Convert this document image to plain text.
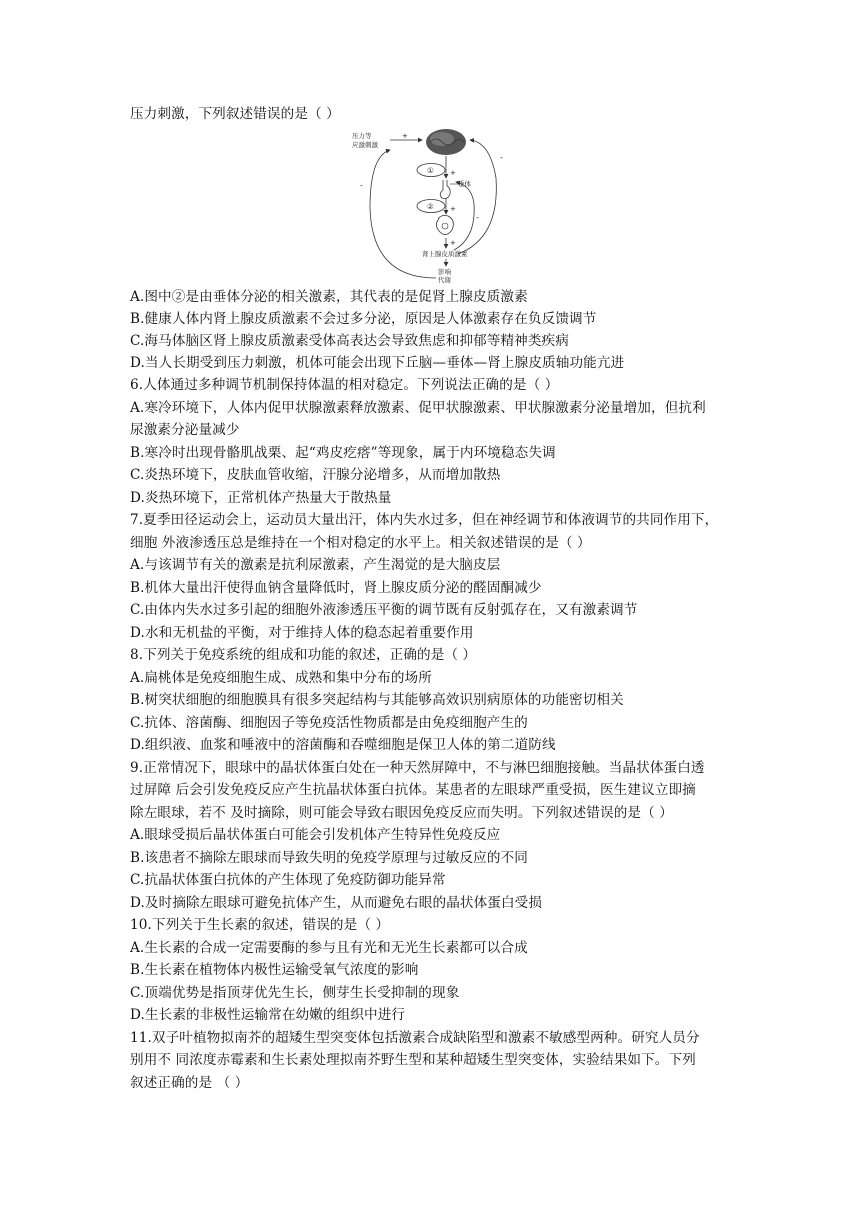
压力刺激，下列叙述错误的是（ ）
压力等
应激刺激
+
① +
垂体
② +
+
肾上腺皮质激素
影响
代谢
-
-
-
A.图中②是由垂体分泌的相关激素，其代表的是促肾上腺皮质激素
B.健康人体内肾上腺皮质激素不会过多分泌，原因是人体激素存在负反馈调节
C.海马体脑区肾上腺皮质激素受体高表达会导致焦虑和抑郁等精神类疾病
D.当人长期受到压力刺激，机体可能会出现下丘脑—垂体—肾上腺皮质轴功能亢进
6.人体通过多种调节机制保持体温的相对稳定。下列说法正确的是（ ）
A.寒冷环境下，人体内促甲状腺激素释放激素、促甲状腺激素、甲状腺激素分泌量增加，但抗利
尿激素分泌量减少
B.寒冷时出现骨骼肌战栗、起“鸡皮疙瘩”等现象，属于内环境稳态失调
C.炎热环境下，皮肤血管收缩，汗腺分泌增多，从而增加散热
D.炎热环境下，正常机体产热量大于散热量
7.夏季田径运动会上，运动员大量出汗，体内失水过多，但在神经调节和体液调节的共同作用下，
细胞 外液渗透压总是维持在一个相对稳定的水平上。相关叙述错误的是（ ）
A.与该调节有关的激素是抗利尿激素，产生渴觉的是大脑皮层
B.机体大量出汗使得血钠含量降低时，肾上腺皮质分泌的醛固酮减少
C.由体内失水过多引起的细胞外液渗透压平衡的调节既有反射弧存在，又有激素调节
D.水和无机盐的平衡，对于维持人体的稳态起着重要作用
8.下列关于免疫系统的组成和功能的叙述，正确的是（ ）
A.扁桃体是免疫细胞生成、成熟和集中分布的场所
B.树突状细胞的细胞膜具有很多突起结构与其能够高效识别病原体的功能密切相关
C.抗体、溶菌酶、细胞因子等免疫活性物质都是由免疫细胞产生的
D.组织液、血浆和唾液中的溶菌酶和吞噬细胞是保卫人体的第二道防线
9.正常情况下，眼球中的晶状体蛋白处在一种天然屏障中，不与淋巴细胞接触。当晶状体蛋白透
过屏障 后会引发免疫反应产生抗晶状体蛋白抗体。某患者的左眼球严重受损，医生建议立即摘
除左眼球，若不 及时摘除，则可能会导致右眼因免疫反应而失明。下列叙述错误的是（ ）
A.眼球受损后晶状体蛋白可能会引发机体产生特异性免疫反应
B.该患者不摘除左眼球而导致失明的免疫学原理与过敏反应的不同
C.抗晶状体蛋白抗体的产生体现了免疫防御功能异常
D.及时摘除左眼球可避免抗体产生，从而避免右眼的晶状体蛋白受损
10.下列关于生长素的叙述，错误的是（ ）
A.生长素的合成一定需要酶的参与且有光和无光生长素都可以合成
B.生长素在植物体内极性运输受氧气浓度的影响
C.顶端优势是指顶芽优先生长，侧芽生长受抑制的现象
D.生长素的非极性运输常在幼嫩的组织中进行
11.双子叶植物拟南芥的超矮生型突变体包括激素合成缺陷型和激素不敏感型两种。研究人员分
别用不 同浓度赤霉素和生长素处理拟南芥野生型和某种超矮生型突变体，实验结果如下。下列
叙述正确的是 （ ）
